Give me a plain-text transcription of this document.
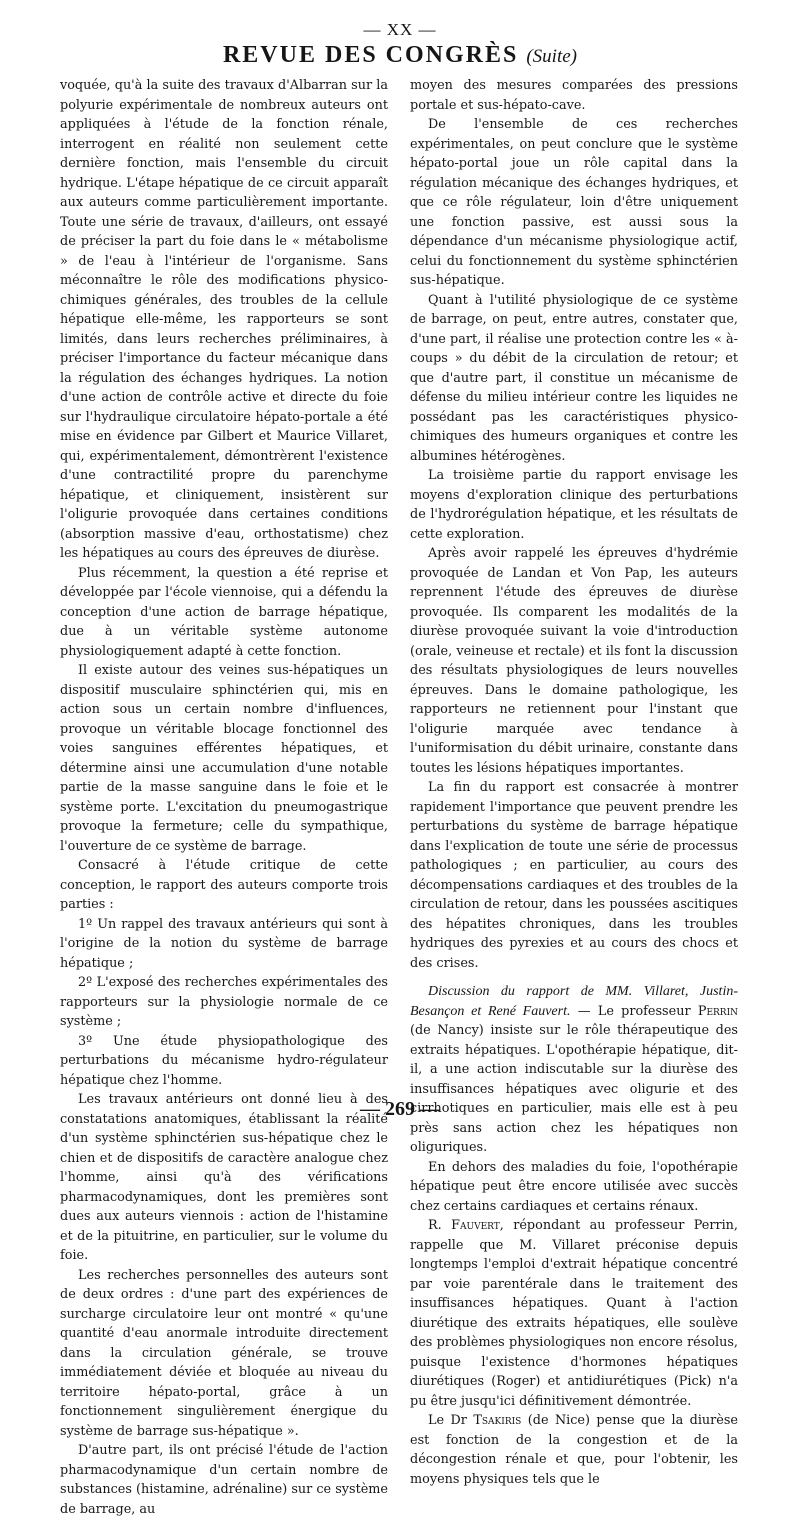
— XX —
REVUE DES CONGRÈS (Suite)

voquée, qu'à la suite des travaux d'Albarran sur la polyurie expérimentale de nombreux auteurs ont appliquées à l'étude de la fonction rénale, interrogent en réalité non seulement cette dernière fonction, mais l'ensemble du circuit hydrique. L'étape hépatique de ce circuit apparaît aux auteurs comme particulièrement importante. Toute une série de travaux, d'ailleurs, ont essayé de préciser la part du foie dans le « métabolisme » de l'eau à l'intérieur de l'organisme. Sans méconnaître le rôle des modifications physico-chimiques générales, des troubles de la cellule hépatique elle-même, les rapporteurs se sont limités, dans leurs recherches préliminaires, à préciser l'importance du facteur mécanique dans la régulation des échanges hydriques. La notion d'une action de contrôle active et directe du foie sur l'hydraulique circulatoire hépato-portale a été mise en évidence par Gilbert et Maurice Villaret, qui, expérimentalement, démontrèrent l'existence d'une contractilité propre du parenchyme hépatique, et cliniquement, insistèrent sur l'oligurie provoquée dans certaines conditions (absorption massive d'eau, orthostatisme) chez les hépatiques au cours des épreuves de diurèse.

Plus récemment, la question a été reprise et développée par l'école viennoise, qui a défendu la conception d'une action de barrage hépatique, due à un véritable système autonome physiologiquement adapté à cette fonction.

Il existe autour des veines sus-hépatiques un dispositif musculaire sphinctérien qui, mis en action sous un certain nombre d'influences, provoque un véritable blocage fonctionnel des voies sanguines efférentes hépatiques, et détermine ainsi une accumulation d'une notable partie de la masse sanguine dans le foie et le système porte. L'excitation du pneumogastrique provoque la fermeture; celle du sympathique, l'ouverture de ce système de barrage.

Consacré à l'étude critique de cette conception, le rapport des auteurs comporte trois parties :

1º Un rappel des travaux antérieurs qui sont à l'origine de la notion du système de barrage hépatique ;

2º L'exposé des recherches expérimentales des rapporteurs sur la physiologie normale de ce système ;

3º Une étude physiopathologique des perturbations du mécanisme hydro-régulateur hépatique chez l'homme.

Les travaux antérieurs ont donné lieu à des constatations anatomiques, établissant la réalité d'un système sphinctérien sus-hépatique chez le chien et de dispositifs de caractère analogue chez l'homme, ainsi qu'à des vérifications pharmacodynamiques, dont les premières sont dues aux auteurs viennois : action de l'histamine et de la pituitrine, en particulier, sur le volume du foie.

Les recherches personnelles des auteurs sont de deux ordres : d'une part des expériences de surcharge circulatoire leur ont montré « qu'une quantité d'eau anormale introduite directement dans la circulation générale, se trouve immédiatement déviée et bloquée au niveau du territoire hépato-portal, grâce à un fonctionnement singulièrement énergique du système de barrage sus-hépatique ».

D'autre part, ils ont précisé l'étude de l'action pharmacodynamique d'un certain nombre de substances (histamine, adrénaline) sur ce système de barrage, au

moyen des mesures comparées des pressions portale et sus-hépato-cave.

De l'ensemble de ces recherches expérimentales, on peut conclure que le système hépato-portal joue un rôle capital dans la régulation mécanique des échanges hydriques, et que ce rôle régulateur, loin d'être uniquement une fonction passive, est aussi sous la dépendance d'un mécanisme physiologique actif, celui du fonctionnement du système sphinctérien sus-hépatique.

Quant à l'utilité physiologique de ce système de barrage, on peut, entre autres, constater que, d'une part, il réalise une protection contre les « à-coups » du débit de la circulation de retour; et que d'autre part, il constitue un mécanisme de défense du milieu intérieur contre les liquides ne possédant pas les caractéristiques physico-chimiques des humeurs organiques et contre les albumines hétérogènes.

La troisième partie du rapport envisage les moyens d'exploration clinique des perturbations de l'hydrorégulation hépatique, et les résultats de cette exploration.

Après avoir rappelé les épreuves d'hydrémie provoquée de Landan et Von Pap, les auteurs reprennent l'étude des épreuves de diurèse provoquée. Ils comparent les modalités de la diurèse provoquée suivant la voie d'introduction (orale, veineuse et rectale) et ils font la discussion des résultats physiologiques de leurs nouvelles épreuves. Dans le domaine pathologique, les rapporteurs ne retiennent pour l'instant que l'oligurie marquée avec tendance à l'uniformisation du débit urinaire, constante dans toutes les lésions hépatiques importantes.

La fin du rapport est consacrée à montrer rapidement l'importance que peuvent prendre les perturbations du système de barrage hépatique dans l'explication de toute une série de processus pathologiques ; en particulier, au cours des décompensations cardiaques et des troubles de la circulation de retour, dans les poussées ascitiques des hépatites chroniques, dans les troubles hydriques des pyrexies et au cours des chocs et des crises.

Discussion du rapport de MM. Villaret, Justin-Besançon et René Fauvert. — Le professeur Perrin (de Nancy) insiste sur le rôle thérapeutique des extraits hépatiques. L'opothérapie hépatique, dit-il, a une action indiscutable sur la diurèse des insuffisances hépatiques avec oligurie et des cirrhotiques en particulier, mais elle est à peu près sans action chez les hépatiques non oliguriques.

En dehors des maladies du foie, l'opothérapie hépatique peut être encore utilisée avec succès chez certains cardiaques et certains rénaux.

R. Fauvert, répondant au professeur Perrin, rappelle que M. Villaret préconise depuis longtemps l'emploi d'extrait hépatique concentré par voie parentérale dans le traitement des insuffisances hépatiques. Quant à l'action diurétique des extraits hépatiques, elle soulève des problèmes physiologiques non encore résolus, puisque l'existence d'hormones hépatiques diurétiques (Roger) et antidiurétiques (Pick) n'a pu être jusqu'ici définitivement démontrée.

Le Dr Tsakiris (de Nice) pense que la diurèse est fonction de la congestion et de la décongestion rénale et que, pour l'obtenir, les moyens physiques tels que le

— 269 —
